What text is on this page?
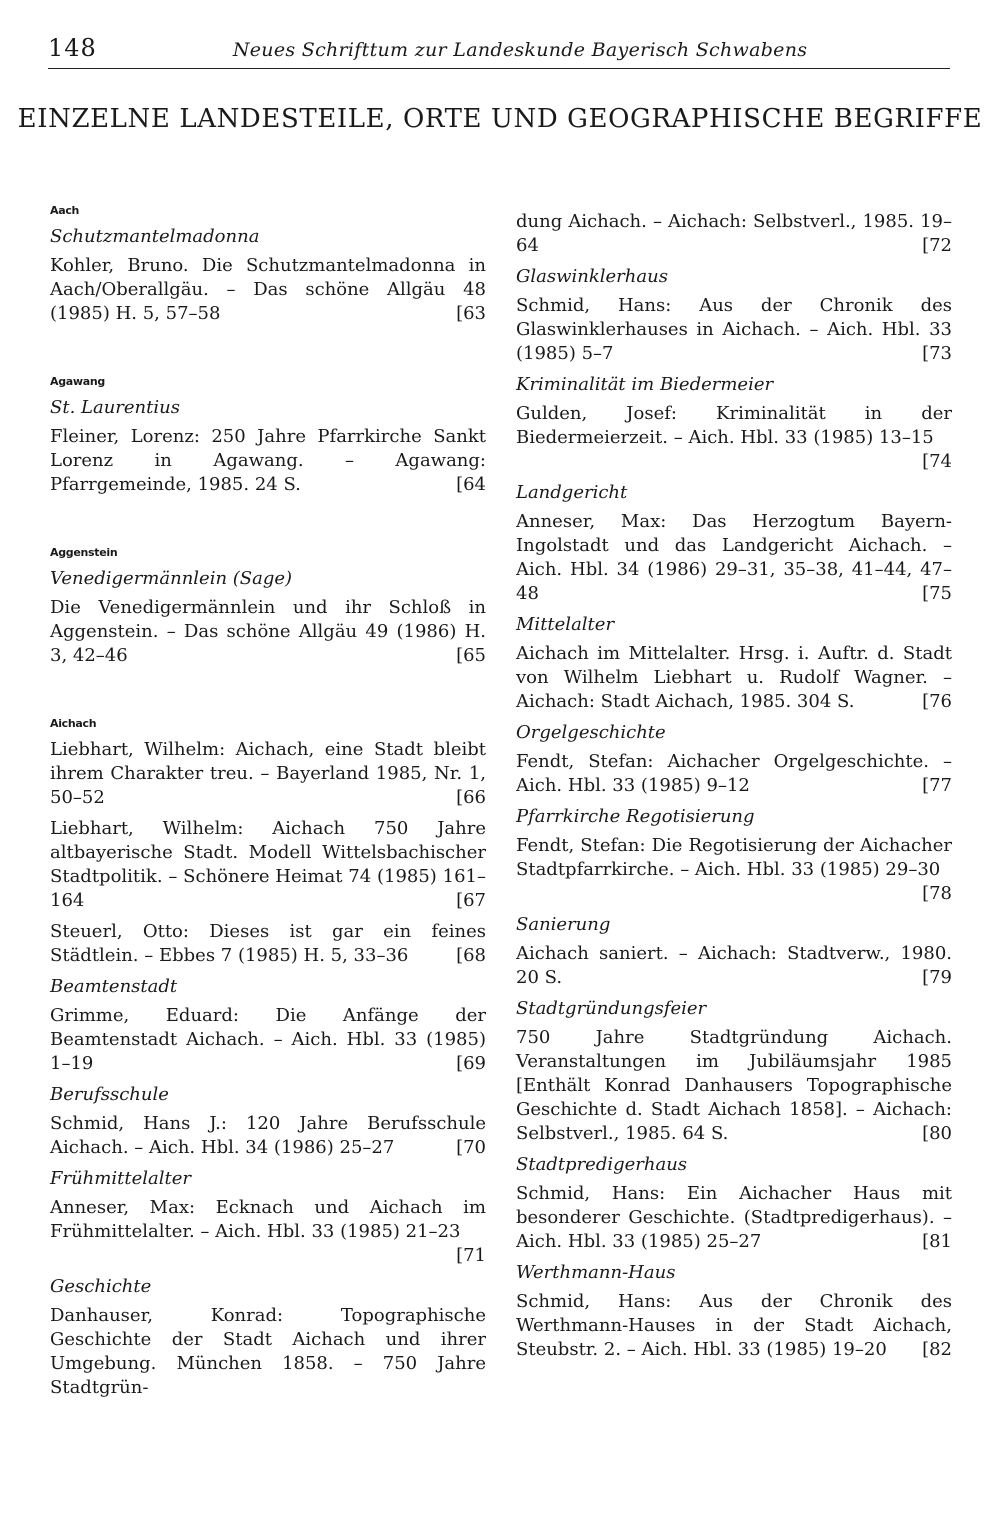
148	Neues Schrifttum zur Landeskunde Bayerisch Schwabens
EINZELNE LANDESTEILE, ORTE UND GEOGRAPHISCHE BEGRIFFE
Aach
Schutzmantelmadonna
Kohler, Bruno. Die Schutzmantelmadonna in Aach/Oberallgäu. – Das schöne Allgäu 48 (1985) H. 5, 57–58	[63
Agawang
St. Laurentius
Fleiner, Lorenz: 250 Jahre Pfarrkirche Sankt Lorenz in Agawang. – Agawang: Pfarrgemeinde, 1985. 24 S.	[64
Aggenstein
Venedigermännlein (Sage)
Die Venedigermännlein und ihr Schloß in Aggenstein. – Das schöne Allgäu 49 (1986) H. 3, 42–46	[65
Aichach
Liebhart, Wilhelm: Aichach, eine Stadt bleibt ihrem Charakter treu. – Bayerland 1985, Nr. 1, 50–52	[66
Liebhart, Wilhelm: Aichach 750 Jahre altbayerische Stadt. Modell Wittelsbachischer Stadtpolitik. – Schönere Heimat 74 (1985) 161–164	[67
Steuerl, Otto: Dieses ist gar ein feines Städtlein. – Ebbes 7 (1985) H. 5, 33–36	[68
Beamtenstadt
Grimme, Eduard: Die Anfänge der Beamtenstadt Aichach. – Aich. Hbl. 33 (1985) 1–19	[69
Berufsschule
Schmid, Hans J.: 120 Jahre Berufsschule Aichach. – Aich. Hbl. 34 (1986) 25–27	[70
Frühmittelalter
Anneser, Max: Ecknach und Aichach im Frühmittelalter. – Aich. Hbl. 33 (1985) 21–23
[71
Geschichte
Danhauser, Konrad: Topographische Geschichte der Stadt Aichach und ihrer Umgebung. München 1858. – 750 Jahre Stadtgrün-
dung Aichach. – Aichach: Selbstverl., 1985. 19–64	[72
Glaswinklerhaus
Schmid, Hans: Aus der Chronik des Glaswinklerhauses in Aichach. – Aich. Hbl. 33 (1985) 5–7	[73
Kriminalität im Biedermeier
Gulden, Josef: Kriminalität in der Biedermeierzeit. – Aich. Hbl. 33 (1985) 13–15
[74
Landgericht
Anneser, Max: Das Herzogtum Bayern-Ingolstadt und das Landgericht Aichach. – Aich. Hbl. 34 (1986) 29–31, 35–38, 41–44, 47–48	[75
Mittelalter
Aichach im Mittelalter. Hrsg. i. Auftr. d. Stadt von Wilhelm Liebhart u. Rudolf Wagner. – Aichach: Stadt Aichach, 1985. 304 S.	[76
Orgelgeschichte
Fendt, Stefan: Aichacher Orgelgeschichte. – Aich. Hbl. 33 (1985) 9–12	[77
Pfarrkirche Regotisierung
Fendt, Stefan: Die Regotisierung der Aichacher Stadtpfarrkirche. – Aich. Hbl. 33 (1985) 29–30
[78
Sanierung
Aichach saniert. – Aichach: Stadtverw., 1980. 20 S.	[79
Stadtgründungsfeier
750 Jahre Stadtgründung Aichach. Veranstaltungen im Jubiläumsjahr 1985 [Enthält Konrad Danhausers Topographische Geschichte d. Stadt Aichach 1858]. – Aichach: Selbstverl., 1985. 64 S.	[80
Stadtpredigerhaus
Schmid, Hans: Ein Aichacher Haus mit besonderer Geschichte. (Stadtpredigerhaus). – Aich. Hbl. 33 (1985) 25–27	[81
Werthmann-Haus
Schmid, Hans: Aus der Chronik des Werthmann-Hauses in der Stadt Aichach, Steubstr. 2. – Aich. Hbl. 33 (1985) 19–20 [82
